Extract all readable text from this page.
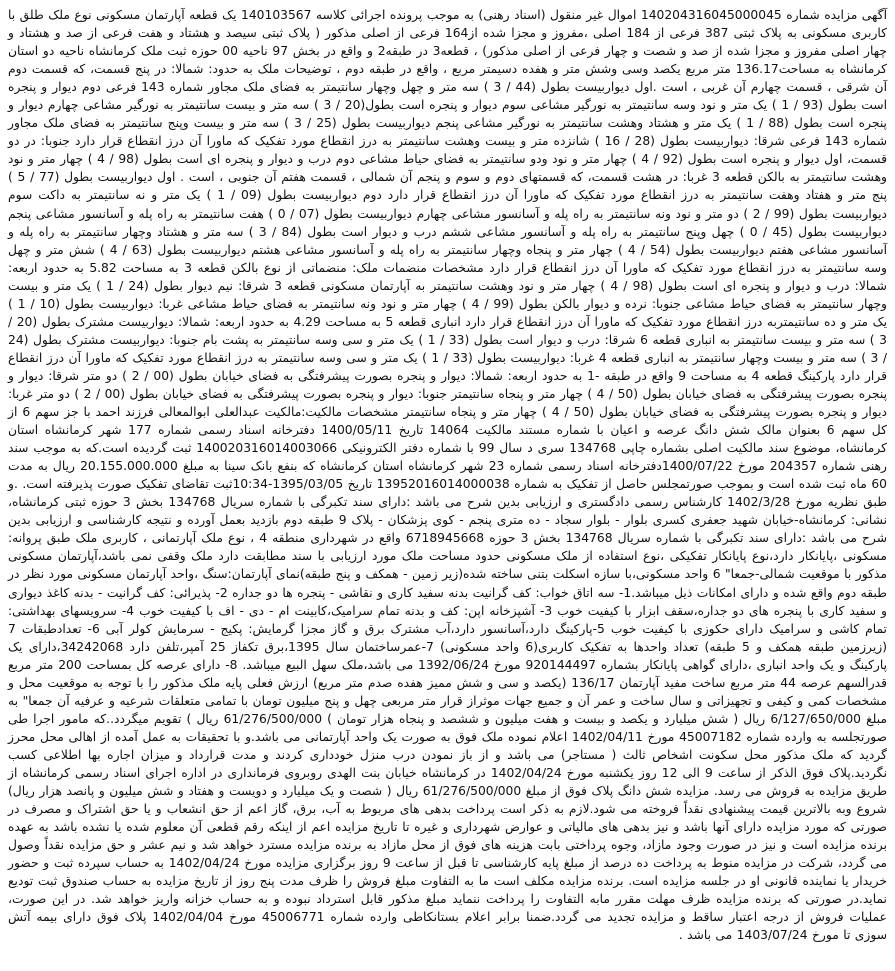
آگهی مزایده شماره 140204316045000045 اموال غیر منقول (اسناد رهنی) به موجب پرونده اجرائی کلاسه 140103567 یک قطعه آپارتمان مسکونی نوع ملک طلق با کاربری مسکونی به پلاک ثبتی 387 فرعی از 184 اصلی ،مفروز و مجزا شده از164 فرعی از اصلی مذکور ( پلاک ثبتی سیصد و هشتاد و هفت فرعی از صد و هشتاد و چهار اصلی مفروز و مجزا شده از صد و شصت و چهار فرعی از اصلی مذکور) ، قطعه3 در طبقه2 و واقع در بخش 97 ناحیه 00 حوزه ثبت ملک کرمانشاه ناحیه دو استان کرمانشاه به مساحت136.17 متر مربع یکصد وسی وشش متر و هفده دسیمتر مربع ، واقع در طبقه دوم ، توضیحات ملک به حدود: شمالا: در پنج قسمت، که قسمت دوم آن شرقی ، قسمت چهارم آن غربی ، است .اول دیواربیست بطول (44 / 3 ) سه متر و چهل وچهار سانتیمتر به فضای ملک مجاور شماره 143 فرعی دوم دیوار و پنجره است بطول (93 / 1 ) یک متر و نود وسه سانتیمتر به نورگیر مشاعی سوم دیوار و پنجره است بطول(20 / 3 ) سه متر و بیست سانتیمتر به نورگیر مشاعی چهارم دیوار و پنجره است بطول (88 / 1 ) یک متر و هشتاد وهشت سانتیمتر به نورگیر مشاعی پنجم دیواربیست بطول (25 / 3 ) سه متر و بیست وپنج سانتیمتر به فضای ملک مجاور شماره 143 فرعی شرقا: دیواربیست بطول (28 / 16 ) شانزده متر و بیست وهشت سانتیمتر به درز انقطاع مورد تفکیک که ماورا آن درز انقطاع قرار دارد جنوبا: در دو قسمت، اول دیوار و پنجره است بطول (92 / 4 ) چهار متر و نود ودو سانتیمتر به فضای حیاط مشاعی دوم درب و دیوار و پنجره ای است بطول (98 / 4 ) چهار متر و نود وهشت سانتیمتر به بالکن قطعه 3 غربا: در هشت قسمت، که قسمتهای دوم و سوم و پنجم آن شمالی ، قسمت هفتم آن جنوبی ، است . اول دیواربیست بطول (77 / 5 ) پنج متر و هفتاد وهفت سانتیمتر به درز انقطاع مورد تفکیک که ماورا آن درز انقطاع قرار دارد دوم دیواربیست بطول (09 / 1 ) یک متر و نه سانتیمتر به داکت سوم دیواربیست بطول (99 / 2 ) دو متر و نود ونه سانتیمتر به راه پله و آسانسور مشاعی چهارم دیواربیست بطول (07 / 0 ) هفت سانتیمتر به راه پله و آسانسور مشاعی پنجم دیواربیست بطول (45 / 0 ) چهل وپنج سانتیمتر به راه پله و آسانسور مشاعی ششم درب و دیوار است بطول (84 / 3 ) سه متر و هشتاد وچهار سانتیمتر به راه پله و آسانسور مشاعی هفتم دیواربیست بطول (54 / 4 ) چهار متر و پنجاه وچهار سانتیمتر به راه پله و آسانسور مشاعی هشتم دیواربیست بطول (63 / 4 ) شش متر و چهل وسه سانتیمتر به درز انقطاع مورد تفکیک که ماورا آن درز انقطاع قرار دارد مشخصات منضمات ملک: منضماتی از نوع بالکن قطعه 3 به مساحت 5.82 به حدود اربعه: شمالا: درب و دیوار و پنجره ای است بطول (98 / 4 ) چهار متر و نود وهشت سانتیمتر به آپارتمان مسکونی قطعه 3 شرقا: نیم دیوار بطول (24 / 1 ) یک متر و بیست وچهار سانتیمتر به فضای حیاط مشاعی جنوبا: نرده و دیوار بالکن بطول (99 / 4 ) چهار متر و نود ونه سانتیمتر به فضای حیاط مشاعی غربا: دیواربیست بطول (10 / 1 ) یک متر و ده سانتیمتربه درز انقطاع مورد تفکیک که ماورا آن درز انقطاع قرار دارد انباری قطعه 5 به مساحت 4.29 به حدود اربعه: شمالا: دیواربیست مشترک بطول (20 / 3 ) سه متر و بیست سانتیمتر به انباری قطعه 6 شرقا: درب و دیوار است بطول (33 / 1 ) یک متر و سی وسه سانتیمتر به پشت بام جنوبا: دیواربیست مشترک بطول (24 / 3 ) سه متر و بیست وچهار سانتیمتر به انباری قطعه 4 غربا: دیواربیست بطول (33 / 1 ) یک متر و سی وسه سانتیمتر به درز انقطاع مورد تفکیک که ماورا آن درز انقطاع قرار دارد پارکینگ قطعه 4 به مساحت 9 واقع در طبقه -1 به حدود اربعه: شمالا: دیوار و پنجره بصورت پیشرفتگی به فضای خیابان بطول (00 / 2 ) دو متر شرقا: دیوار و پنجره بصورت پیشرفتگی به فضای خیابان بطول (50 / 4 ) چهار متر و پنجاه سانتیمتر جنوبا: دیوار و پنجره بصورت پیشرفتگی به فضای خیابان بطول (00 / 2 ) دو متر غربا: دیوار و پنجره بصورت پیشرفتگی به فضای خیابان بطول (50 / 4 ) چهار متر و پنجاه سانتیمتر مشخصات مالکیت:مالکیت عبدالعلی ابوالمعالی فرزند احمد با جز سهم 6 از کل سهم 6 بعنوان مالک شش دانگ عرصه و اعیان با شماره مستند مالکیت 14064 تاریخ 1400/05/11 دفترخانه اسناد رسمی شماره 177 شهر کرمانشاه استان کرمانشاه، موضوع سند مالکیت اصلی بشماره چاپی 134768 سری د سال 99 با شماره دفتر الکترونیکی 140020316014003066 ثبت گردیده است.که به موجب سند رهنی شماره 204357 مورخ 1400/07/22دفترخانه اسناد رسمی شماره 23 شهر کرمانشاه استان کرمانشاه که بنفع بانک سینا به مبلغ 20.155.000.000 ریال به مدت 60 ماه ثبت شده است و بموجب صورتمجلس حاصل از تفکیک به شماره 13952016014000038 تاریخ 1395/03/05-10:34ثبت تقاضای تفکیک صورت پذیرفته است. .و طبق نظریه مورخ 1402/3/28 کارشناس رسمی دادگستری و ارزیابی بدین شرح می باشد :دارای سند تکبرگی با شماره سریال 134768 بخش 3 حوزه ثبتی کرمانشاه، نشانی: کرمانشاه-خیابان شهید جعفری کسری بلوار - بلوار سجاد - ده متری پنجم - کوی پزشکان - پلاک 9 طبقه دوم بازدید بعمل آورده و نتیجه کارشناسی و ارزیابی بدین شرح می باشد :دارای سند تکبرگی با شماره سریال 134768 بخش 3 حوزه 6718945668 واقع در شهرداری منطقه 4 ، نوع ملک آپارتمانی ، کاربری ملک طبق پروانه: مسکونی ،پایانکار دارد،نوع پایانکار تفکیکی ،نوع استفاده از ملک مسکونی حدود مساحت ملک مورد ارزیابی با سند مطابقت دارد ملک وقفی نمی باشد،آپارتمان مسکونی مذکور با موقعیت شمالی-جمعا" 6 واحد مسکونی،با سازه اسکلت بتنی ساخته شده(زیر زمین - همکف و پنج طبقه)نمای آپارتمان:سنگ ،واحد آپارتمان مسکونی مورد نظر در طبقه دوم واقع شده و دارای امکانات ذیل میباشد.1- سه اتاق خواب: کف گرانیت بدنه سفید کاری و نقاشی - پنجره ها دو جداره 2- پذیرائی: کف گرانیت - بدنه کاغذ دیواری و سفید کاری با پنجره های دو جداره،سقف ابزار با کیفیت خوب 3- آشپزخانه اپن: کف و بدنه تمام سرامیک،کابینت ام - دی - اف با کیفیت خوب 4- سرویسهای بهداشتی: تمام کاشی و سرامیک دارای حکوزی با کیفیت خوب 5-پارکینگ دارد،آسانسور دارد،آب مشترک برق و گاز مجزا گرمایش: پکیج - سرمایش کولر آبی 6- تعدادطبقات 7 (زیرزمین طبقه همکف و 5 طبقه) تعداد واحدها به تفکیک کاربری(6 واحد مسکونی) 7-عمرساختمان سال 1395،برق تکفاز 25 آمپر،تلفن دارد 34242068،دارای یک پارکینگ و یک واحد انباری ،دارای گواهی پایانکار بشماره 920144497 مورخ 1392/06/24 می باشد،ملک سهل البیع میباشد. 8- دارای عرصه کل بمساحت 200 متر مربع قدرالسهم عرصه 44 متر مربع ساخت مفید آپارتمان 136/17 (یکصد و سی و شش ممیز هفده صدم متر مربع) ارزش فعلی پایه ملک مذکور را با توجه به موقعیت محل و مشخصات کمی و کیفی و تجهیزاتی و سال ساخت و عمر آن و جمیع جهات موثراز قرار متر مربعی چهل و پنج میلیون تومان با تمامی متعلقات شرعیه و عرفیه آن جمعا" به مبلغ 6/127/650/000 ریال ( شش میلیارد و یکصد و بیست و هفت میلیون و ششصد و پنجاه هزار تومان ) 61/276/500/000 ریال ) تقویم میگردد..که مامور اجرا طی صورتجلسه به وارده شماره 45007182 مورخ 1402/04/11 اعلام نموده ملک فوق به صورت یک واحد آپارتمانی می باشد.و با تحقیقات به عمل آمده از اهالی محل محرز گردید که ملک مذکور محل سکونت اشخاص ثالث ( مستاجر) می باشد و از باز نمودن درب منزل خودداری کردند و مدت قرارداد و میزان اجاره بها اطلاعی کسب نگردید.پلاک فوق الذکر از ساعت 9 الی 12 روز یکشنبه مورخ 1402/04/24 در کرمانشاه خیابان بنت الهدی روبروی فرمانداری در اداره اجرای اسناد رسمی کرمانشاه از طریق مزایده به فروش می رسد. مزایده شش دانگ پلاک فوق از مبلغ 61/276/500/000 ریال ( شصت و یک میلیارد و دویست و هفتاد و شش میلیون و پانصد هزار ریال) شروع وبه بالاترین قیمت پیشنهادی نقداً فروخته می شود.لازم به ذکر است پرداخت بدهی های مربوط به آب، برق، گاز اعم از حق انشعاب و یا حق اشتراک و مصرف در صورتی که مورد مزایده دارای آنها باشد و نیز بدهی های مالیاتی و عوارض شهرداری و غیره تا تاریخ مزایده اعم از اینکه رقم قطعی آن معلوم شده یا نشده باشد به عهده برنده مزایده است و نیز در صورت وجود مازاد، وجوه پرداختی بابت هزینه های فوق از محل مازاد به برنده مزایده مسترد خواهد شد و نیم عشر و حق مزایده نقداً وصول می گردد، شرکت در مزایده منوط به پرداخت ده درصد از مبلغ پایه کارشناسی تا قبل از ساعت 9 روز برگزاری مزایده مورخ 1402/04/24 به حساب سپرده ثبت و حضور خریدار یا نماینده قانونی او در جلسه مزایده است. برنده مزایده مکلف است ما به التفاوت مبلغ فروش را ظرف مدت پنج روز از تاریخ مزایده به حساب صندوق ثبت تودیع نماید.در صورتی که برنده مزایده ظرف مهلت مقرر مابه التفاوت را پرداخت ننماید مبلغ مذکور قابل استرداد نبوده و به حساب خزانه واریز خواهد شد. در این صورت، عملیات فروش از درجه اعتبار ساقط و مزایده تجدید می گردد.ضمنا برابر اعلام بستانکاطی وارده شماره 45006771 مورخ 1402/04/04 پلاک فوق دارای بیمه آتش سوزی تا مورخ 1403/07/24 می باشد .
